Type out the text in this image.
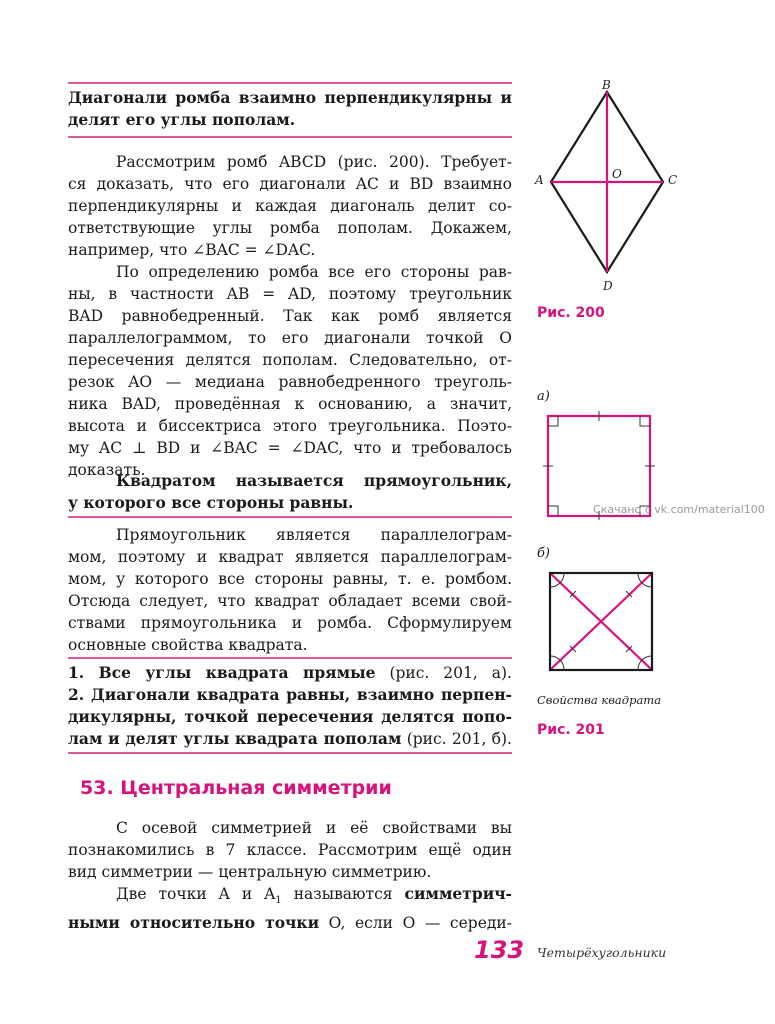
Диагонали ромба взаимно перпендикулярны и
делят его углы пополам.
Рассмотрим ромб ABCD (рис. 200). Требует-
ся доказать, что его диагонали AC и BD взаимно
перпендикулярны и каждая диагональ делит со-
ответствующие углы ромба пополам. Докажем,
например, что ∠BAC = ∠DAC.
По определению ромба все его стороны рав-
ны, в частности AB = AD, поэтому треугольник
BAD равнобедренный. Так как ромб является
параллелограммом, то его диагонали точкой O
пересечения делятся пополам. Следовательно, от-
резок AO — медиана равнобедренного треуголь-
ника BAD, проведённая к основанию, а значит,
высота и биссектриса этого треугольника. Поэто-
му AC ⊥ BD и ∠BAC = ∠DAC, что и требовалось
доказать.
Квадратом называется прямоугольник,
у которого все стороны равны.
Прямоугольник является параллелограм-
мом, поэтому и квадрат является параллелограм-
мом, у которого все стороны равны, т. е. ромбом.
Отсюда следует, что квадрат обладает всеми свой-
ствами прямоугольника и ромба. Сформулируем
основные свойства квадрата.
1. Все углы квадрата прямые (рис. 201, а).
2. Диагонали квадрата равны, взаимно перпен-
дикулярны, точкой пересечения делятся попо-
лам и делят углы квадрата пополам (рис. 201, б).
53. Центральная симметрии
С осевой симметрией и её свойствами вы
познакомились в 7 классе. Рассмотрим ещё один
вид симметрии — центральную симметрию.
Две точки A и $A_1$ называются симметрич-
ными относительно точки O, если O — середи-
B
A	C
D
O
Рис. 200
а)
Скачано с vk.com/material100
б)
Свойства квадрата
Рис. 201
133 Четырёхугольники
